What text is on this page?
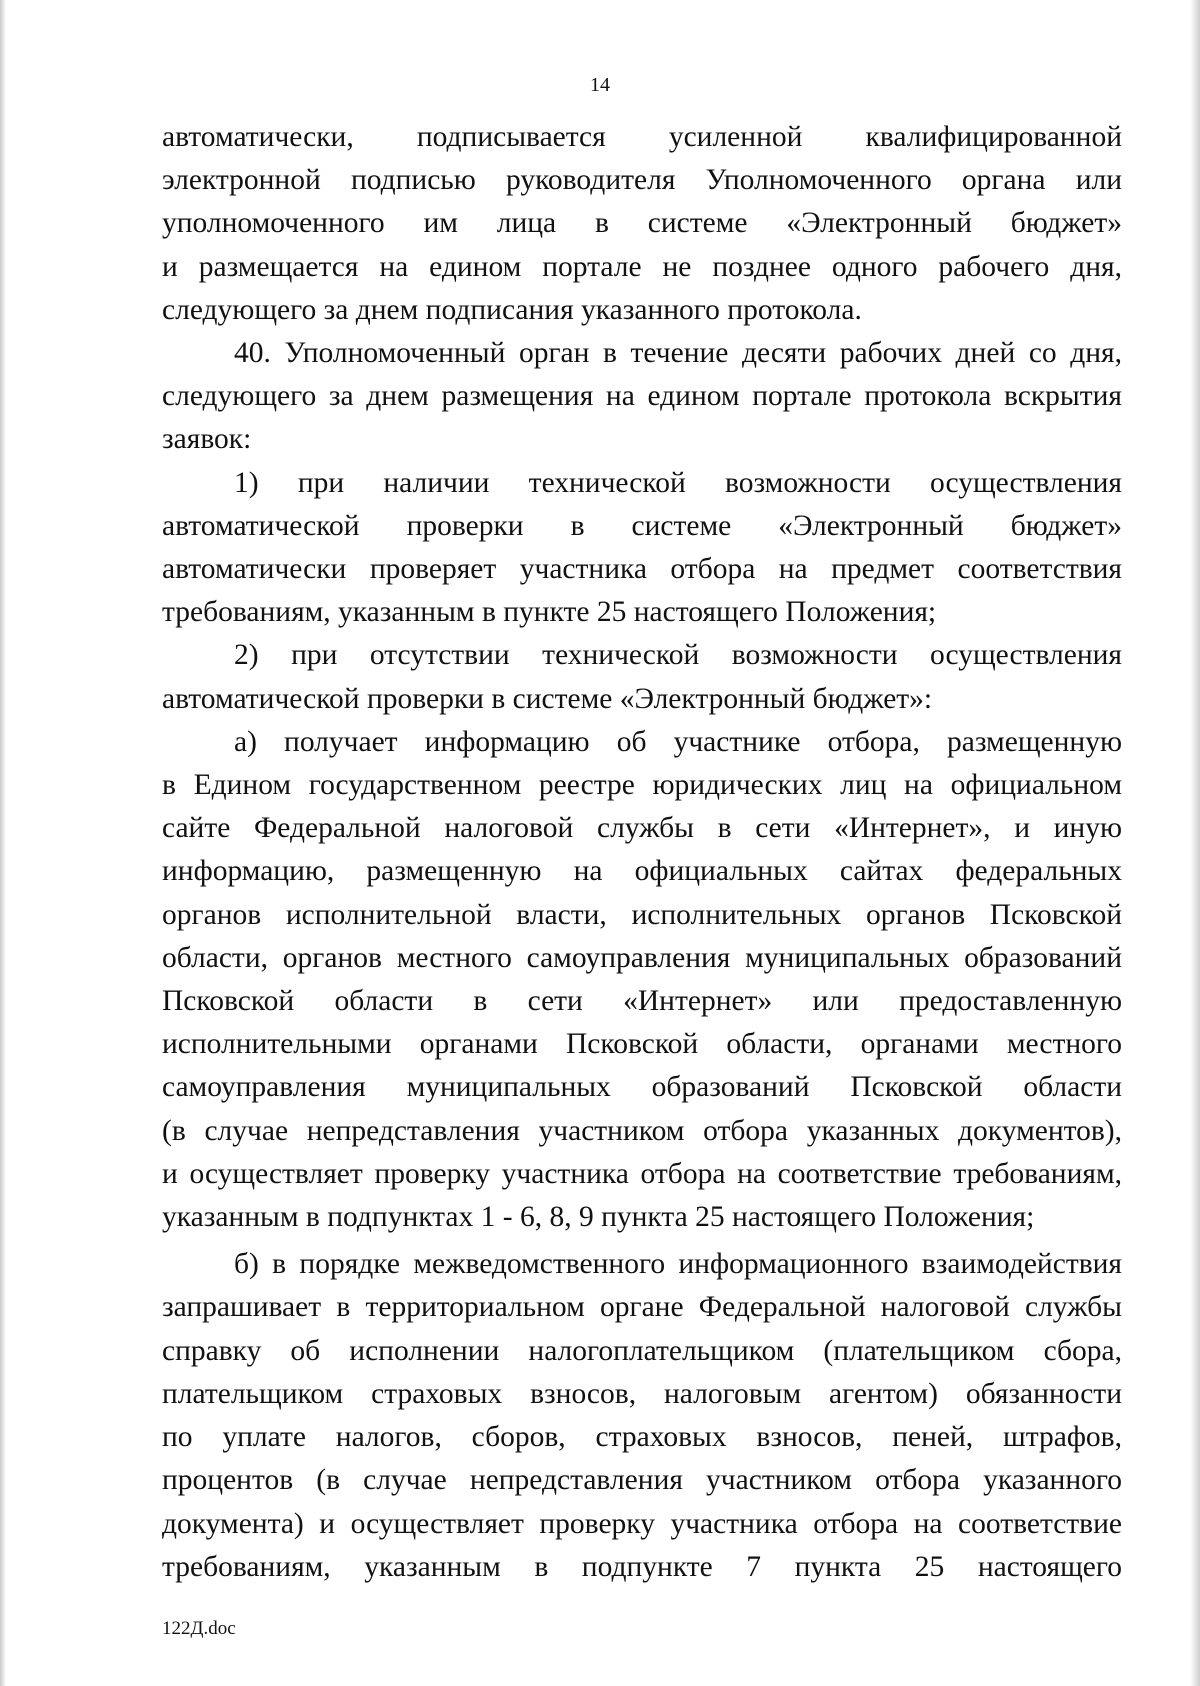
14
автоматически, подписывается усиленной квалифицированной
электронной подписью руководителя Уполномоченного органа или
уполномоченного им лица в системе «Электронный бюджет»
и размещается на едином портале не позднее одного рабочего дня,
следующего за днем подписания указанного протокола.
40. Уполномоченный орган в течение десяти рабочих дней со дня,
следующего за днем размещения на едином портале протокола вскрытия
заявок:
1) при наличии технической возможности осуществления
автоматической проверки в системе «Электронный бюджет»
автоматически проверяет участника отбора на предмет соответствия
требованиям, указанным в пункте 25 настоящего Положения;
2) при отсутствии технической возможности осуществления
автоматической проверки в системе «Электронный бюджет»:
а) получает информацию об участнике отбора, размещенную
в Едином государственном реестре юридических лиц на официальном
сайте Федеральной налоговой службы в сети «Интернет», и иную
информацию, размещенную на официальных сайтах федеральных
органов исполнительной власти, исполнительных органов Псковской
области, органов местного самоуправления муниципальных образований
Псковской области в сети «Интернет» или предоставленную
исполнительными органами Псковской области, органами местного
самоуправления муниципальных образований Псковской области
(в случае непредставления участником отбора указанных документов),
и осуществляет проверку участника отбора на соответствие требованиям,
указанным в подпунктах 1 - 6, 8, 9 пункта 25 настоящего Положения;
б) в порядке межведомственного информационного взаимодействия
запрашивает в территориальном органе Федеральной налоговой службы
справку об исполнении налогоплательщиком (плательщиком сбора,
плательщиком страховых взносов, налоговым агентом) обязанности
по уплате налогов, сборов, страховых взносов, пеней, штрафов,
процентов (в случае непредставления участником отбора указанного
документа) и осуществляет проверку участника отбора на соответствие
требованиям, указанным в подпункте 7 пункта 25 настоящего
122Д.doc
